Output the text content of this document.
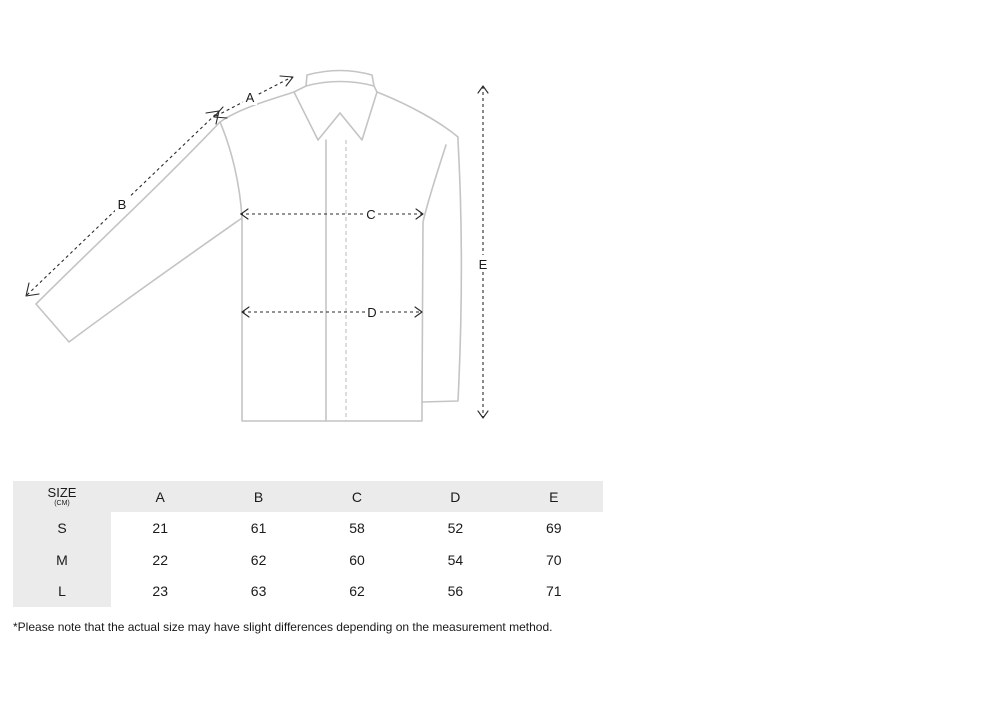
A
B
C
D
E
SIZE
(CM)	A	B	C	D	E
S	21	61	58	52	69
M	22	62	60	54	70
L	23	63	62	56	71
*Please note that the actual size may have slight differences depending on the measurement method.
